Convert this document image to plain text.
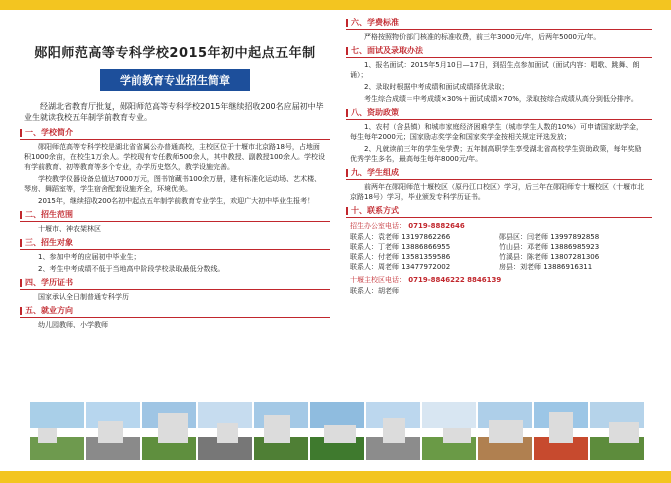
郧阳师范高等专科学校2015年初中起点五年制
学前教育专业招生简章
经湖北省教育厅批复，郧阳师范高等专科学校2015年继续招收200名应届初中毕业生就读我校五年制学前教育专业。
一、学校简介
郧阳师范高等专科学校是湖北省省属公办普通高校，主校区位于十堰市北京路18号，占地面积1000余亩，在校生1万余人。学校现有专任教师500余人，其中教授、副教授100余人。学校设有学前教育、初等教育等多个专业，办学历史悠久，教学设施完善。
学校教学仪器设备总值达7000万元，图书馆藏书100余万册，建有标准化运动场、艺术楼、琴房、舞蹈室等，学生宿舍配套设施齐全，环境优美。
2015年，继续招收200名初中起点五年制学前教育专业学生，欢迎广大初中毕业生报考！
二、招生范围
十堰市、神农架林区
三、招生对象
1、参加中考的应届初中毕业生；
2、考生中考成绩不低于当地高中阶段学校录取最低分数线。
四、学历证书
国家承认全日制普通专科学历
五、就业方向
幼儿园教师、小学教师
六、学费标准
严格按照物价部门核准的标准收费，前三年3000元/年，后两年5000元/年。
七、面试及录取办法
1、报名面试：2015年5月10日—17日，到招生点参加面试（面试内容：唱歌、跳舞、朗诵）；
2、录取时根据中考成绩和面试成绩择优录取；
考生综合成绩＝中考成绩×30%＋面试成绩×70%，录取按综合成绩从高分到低分排序。
八、资助政策
1、农村（含县镇）和城市家庭经济困难学生（城市学生人数的10%）可申请国家助学金，每生每年2000元；国家励志奖学金和国家奖学金按相关规定评选发放；
2、凡就读前三年的学生免学费；五年制高职学生享受湖北省高校学生资助政策，每年奖励优秀学生多名，最高每生每年8000元/年。
九、学生组成
前两年在郧阳师范十堰校区（原丹江口校区）学习，后三年在郧阳师专十堰校区（十堰市北京路18号）学习，毕业颁发专科学历证书。
十、联系方式
招生办公室电话： 0719-8882646
联系人：袁老师 13197862266	郧县区：闫老师 13997892858
联系人：丁老师 13886866955	竹山县：邓老师 13886985923
联系人：付老师 13581359586	竹溪县：陈老师 13807281306
联系人：周老师 13477972002	房县：刘老师 13886916311
十堰主校区电话： 0719-8846222 8846139
联系人：胡老师
